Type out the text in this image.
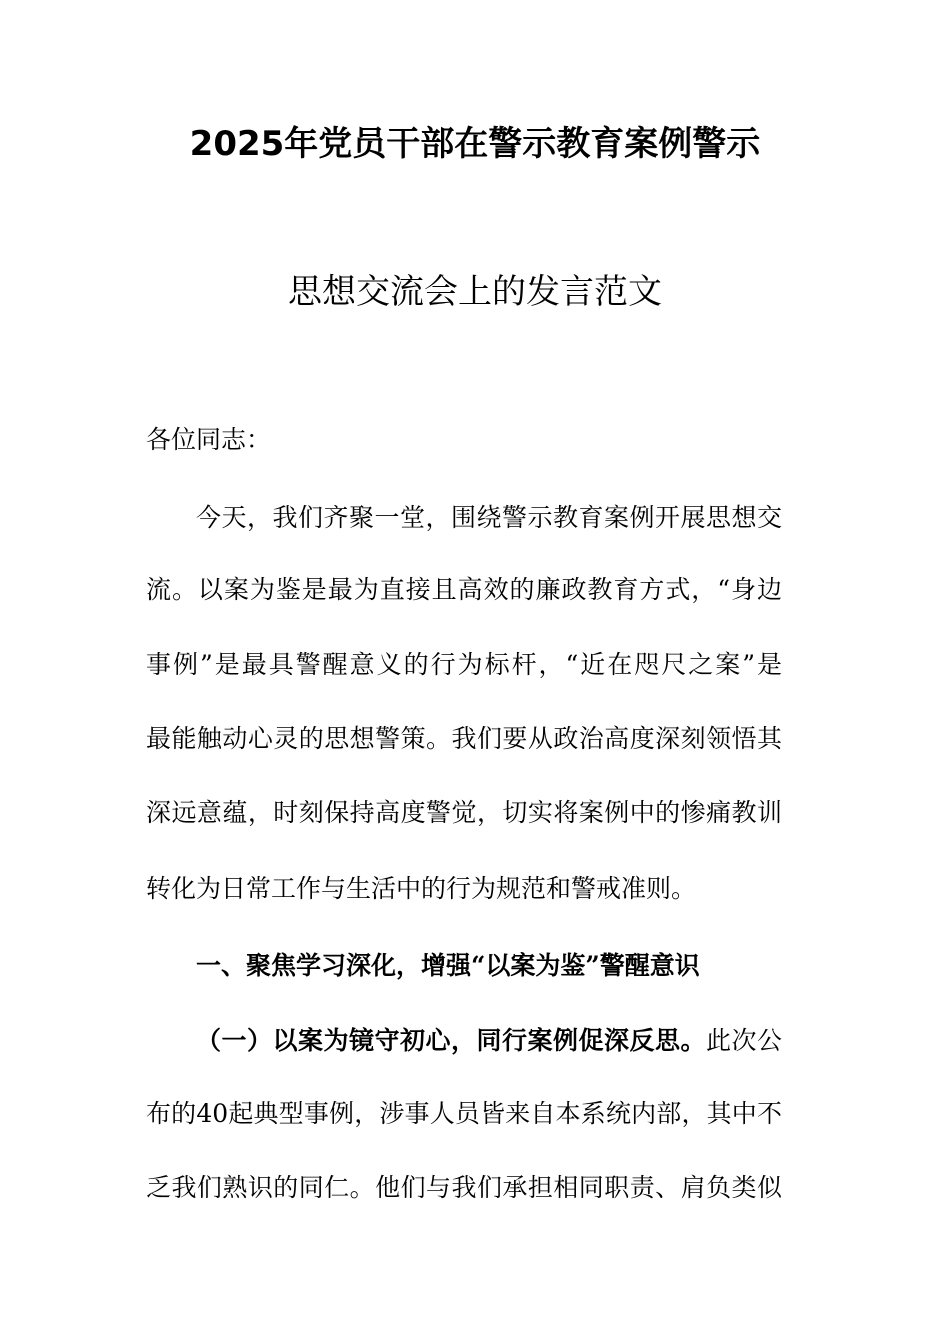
2025年党员干部在警示教育案例警示
思想交流会上的发言范文
各位同志：
今天，我们齐聚一堂，围绕警示教育案例开展思想交
流。以案为鉴是最为直接且高效的廉政教育方式，“身边
事例”是最具警醒意义的行为标杆，“近在咫尺之案”是
最能触动心灵的思想警策。我们要从政治高度深刻领悟其
深远意蕴，时刻保持高度警觉，切实将案例中的惨痛教训
转化为日常工作与生活中的行为规范和警戒准则。
一、聚焦学习深化，增强“以案为鉴”警醒意识
（一）以案为镜守初心，同行案例促深反思。此次公
布的40起典型事例，涉事人员皆来自本系统内部，其中不
乏我们熟识的同仁。他们与我们承担相同职责、肩负类似
